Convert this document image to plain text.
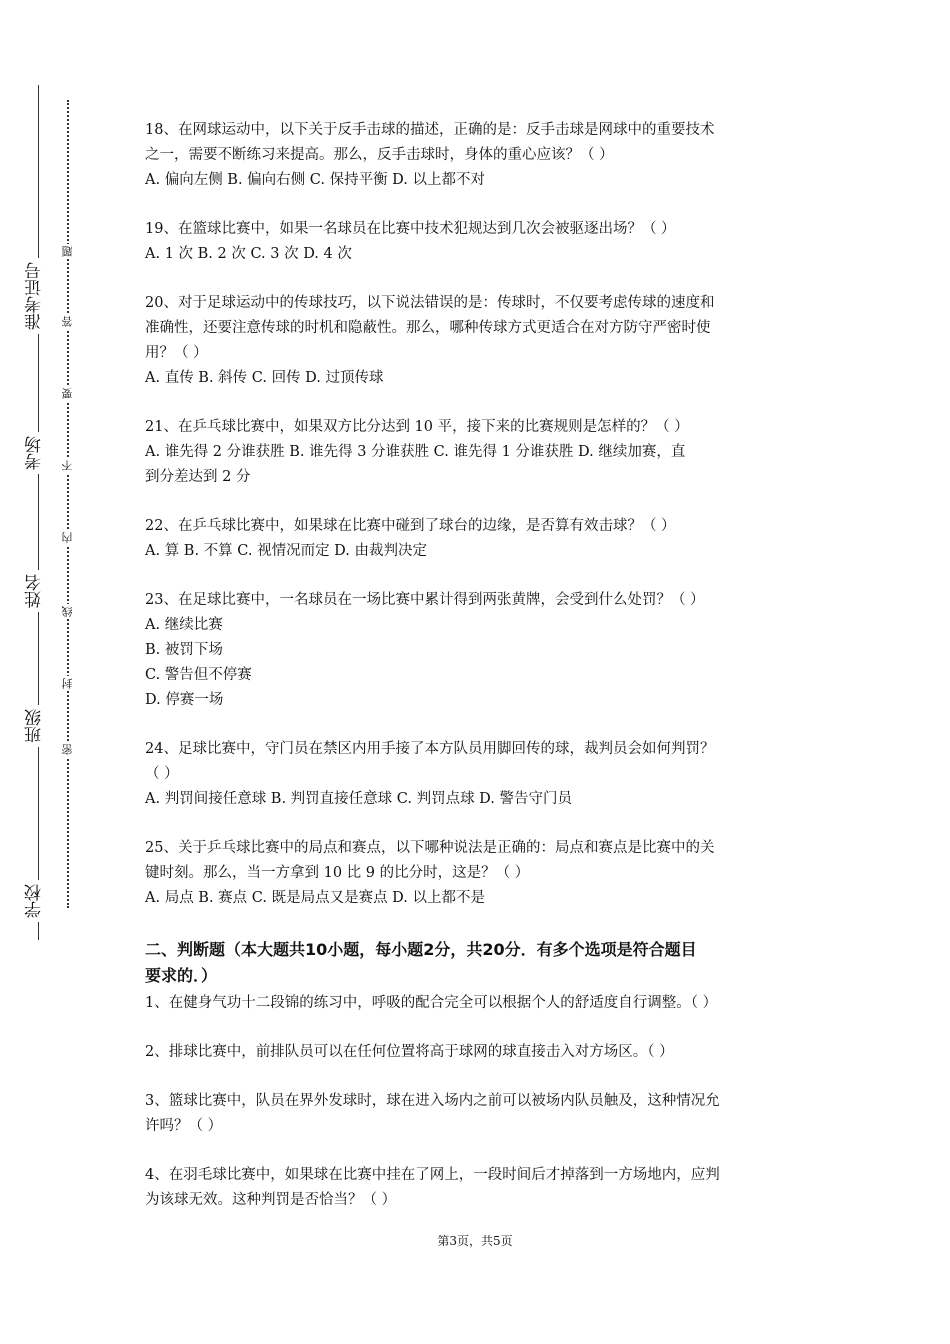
学校
班级
姓名
考场
准考证号
密
封
线
内
不
要
答
题

18、在网球运动中，以下关于反手击球的描述，正确的是：反手击球是网球中的重要技术

之一，需要不断练习来提高。那么，反手击球时，身体的重心应该？（ ）

A. 偏向左侧 B. 偏向右侧 C. 保持平衡 D. 以上都不对

19、在篮球比赛中，如果一名球员在比赛中技术犯规达到几次会被驱逐出场？（ ）

A. 1 次 B. 2 次 C. 3 次 D. 4 次

20、对于足球运动中的传球技巧，以下说法错误的是：传球时，不仅要考虑传球的速度和

准确性，还要注意传球的时机和隐蔽性。那么，哪种传球方式更适合在对方防守严密时使

用？（ ）

A. 直传 B. 斜传 C. 回传 D. 过顶传球

21、在乒乓球比赛中，如果双方比分达到 10 平，接下来的比赛规则是怎样的？（ ）

A. 谁先得 2 分谁获胜 B. 谁先得 3 分谁获胜 C. 谁先得 1 分谁获胜 D. 继续加赛，直

到分差达到 2 分

22、在乒乓球比赛中，如果球在比赛中碰到了球台的边缘，是否算有效击球？（ ）

A. 算 B. 不算 C. 视情况而定 D. 由裁判决定

23、在足球比赛中，一名球员在一场比赛中累计得到两张黄牌，会受到什么处罚？（ ）

A. 继续比赛

B. 被罚下场

C. 警告但不停赛

D. 停赛一场

24、足球比赛中，守门员在禁区内用手接了本方队员用脚回传的球，裁判员会如何判罚？

（ ）

A. 判罚间接任意球 B. 判罚直接任意球 C. 判罚点球 D. 警告守门员

25、关于乒乓球比赛中的局点和赛点，以下哪种说法是正确的：局点和赛点是比赛中的关

键时刻。那么，当一方拿到 10 比 9 的比分时，这是？（ ）

A. 局点 B. 赛点 C. 既是局点又是赛点 D. 以上都不是

二、判断题（本大题共10小题，每小题2分，共20分．有多个选项是符合题目
要求的．）

1、在健身气功十二段锦的练习中，呼吸的配合完全可以根据个人的舒适度自行调整。（ ）

2、排球比赛中，前排队员可以在任何位置将高于球网的球直接击入对方场区。（ ）

3、篮球比赛中，队员在界外发球时，球在进入场内之前可以被场内队员触及，这种情况允

许吗？（ ）

4、在羽毛球比赛中，如果球在比赛中挂在了网上，一段时间后才掉落到一方场地内，应判

为该球无效。这种判罚是否恰当？（ ）

第3页，共5页
